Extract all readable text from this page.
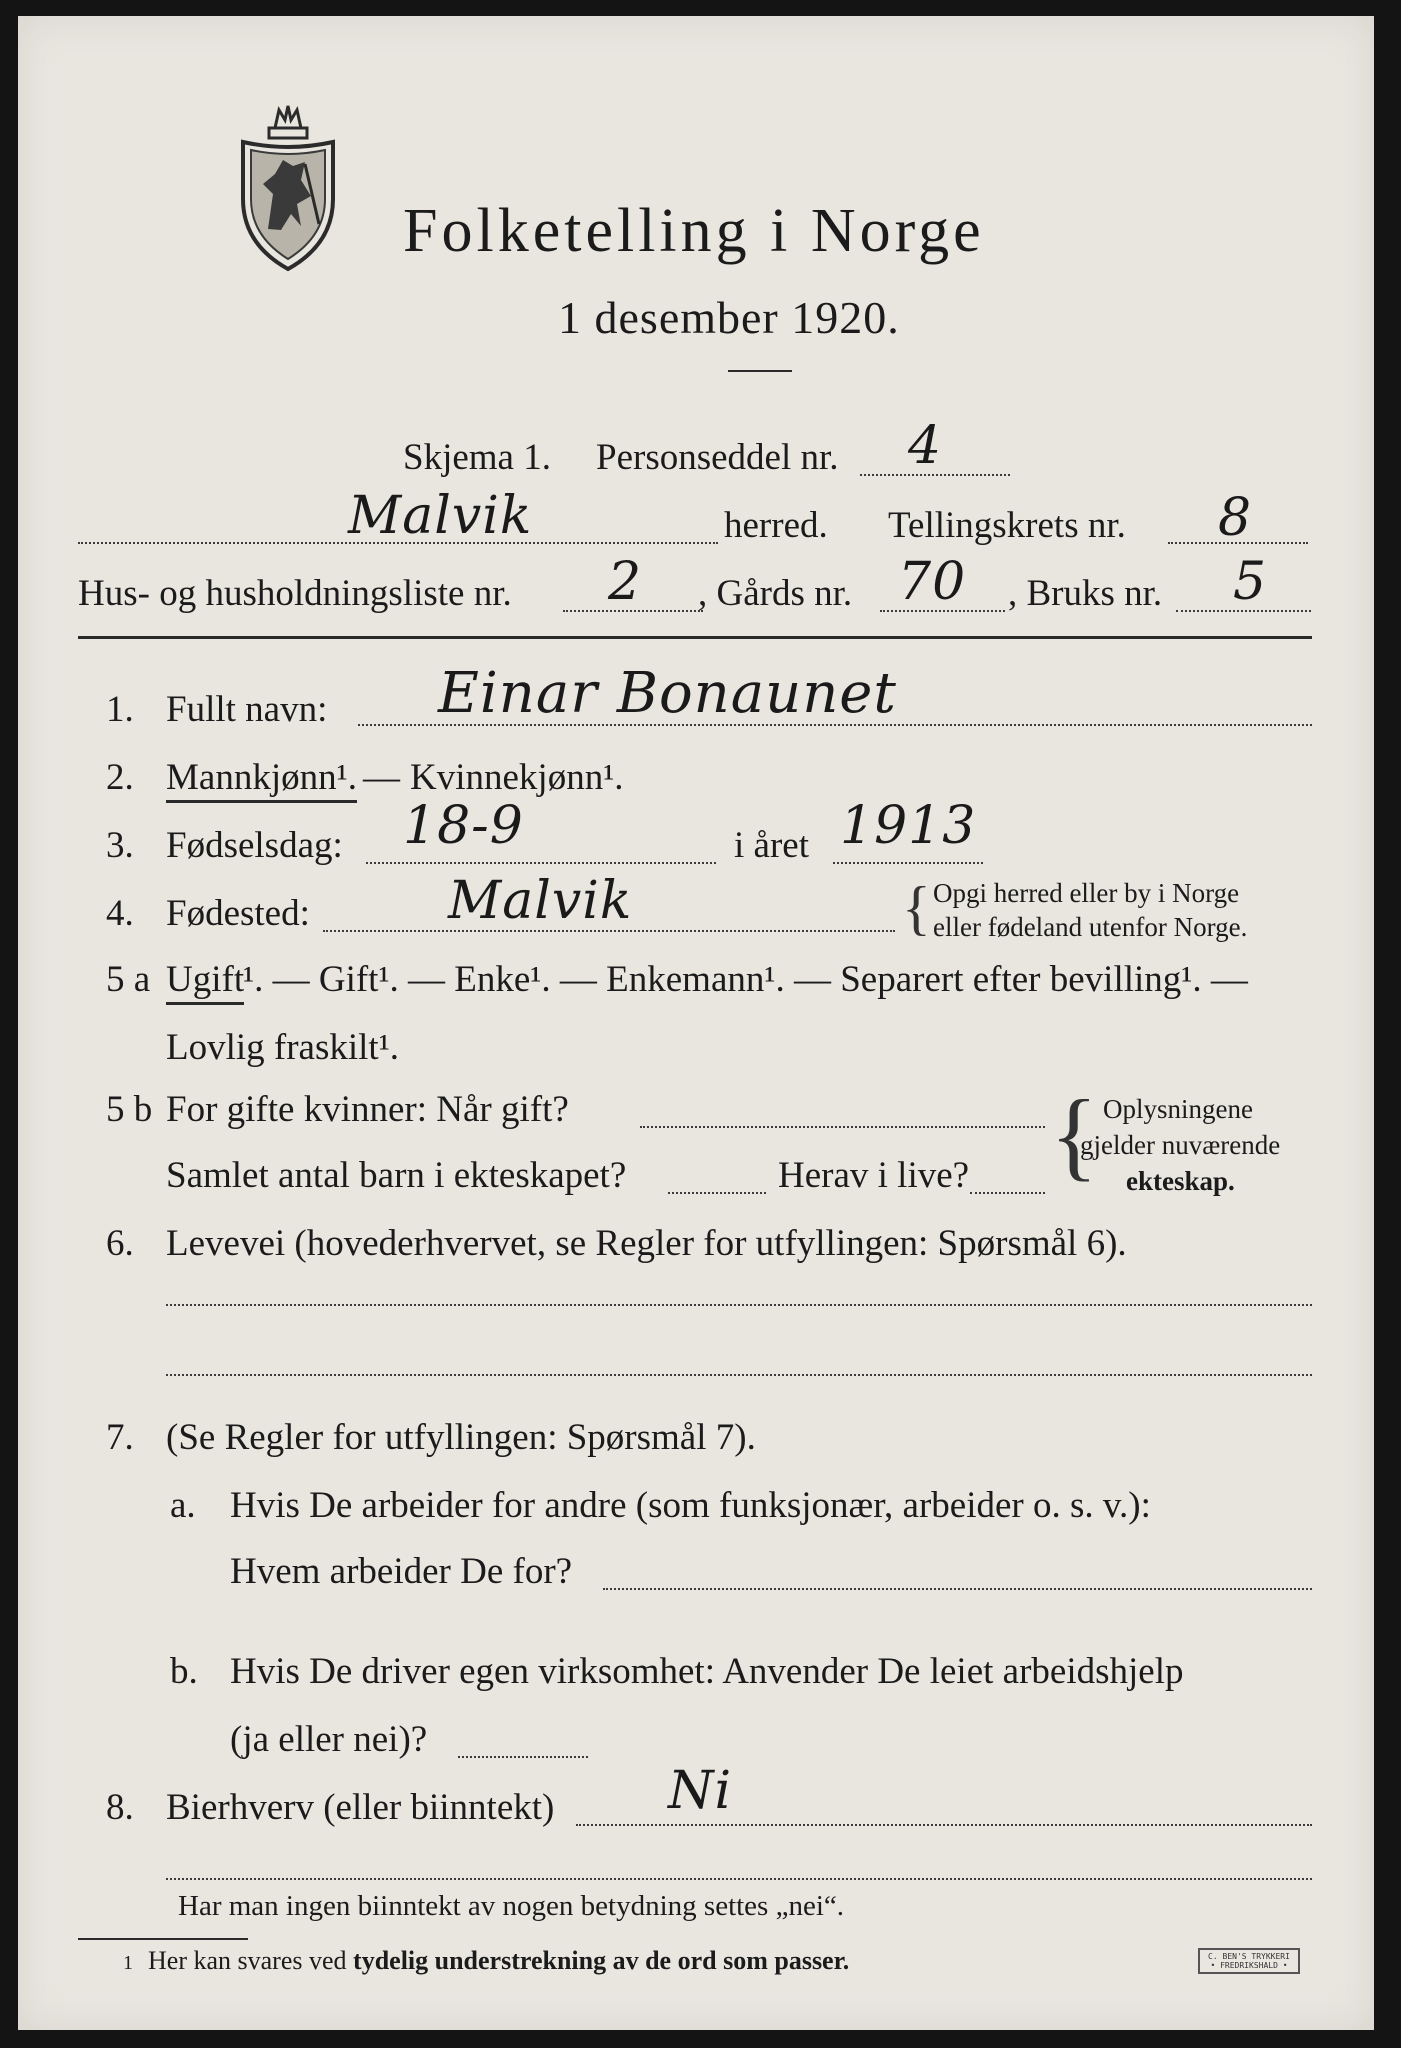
Folketelling i Norge
1 desember 1920.
Skjema 1. Personseddel nr. 4
Malvik	herred. Tellingskrets nr. 8
Hus- og husholdningsliste nr. 2 , Gårds nr. 70 , Bruks nr. 5
1. Fullt navn: Einar Bonaunet
2. Mannkjønn¹. — Kvinnekjønn¹.
3. Fødselsdag: 18-9	i året 1913
4. Fødested:	Malvik	{ Opgi herred eller by i Norge
eller fødeland utenfor Norge.
5 a Ugift
¹. — Gift¹. — Enke¹. — Enkemann¹. — Separert efter bevilling¹. —
Lovlig fraskilt¹.
5 b For gifte kvinner: Når gift?
Samlet antal barn i ekteskapet?	Herav i live? { Oplysningene
gjelder nuværende
ekteskap.
6. Levevei (hovederhvervet, se Regler for utfyllingen: Spørsmål 6).
7. (Se Regler for utfyllingen: Spørsmål 7).
a. Hvis De arbeider for andre (som funksjonær, arbeider o. s. v.):
Hvem arbeider De for?
b. Hvis De driver egen virksomhet: Anvender De leiet arbeidshjelp
(ja eller nei)?
8. Bierhverv (eller biinntekt) Ni
Har man ingen biinntekt av nogen betydning settes „nei“.
1 Her kan svares ved tydelig understrekning av de ord som passer.	C. BEN'S TRYKKERI • FREDRIKSHALD •
